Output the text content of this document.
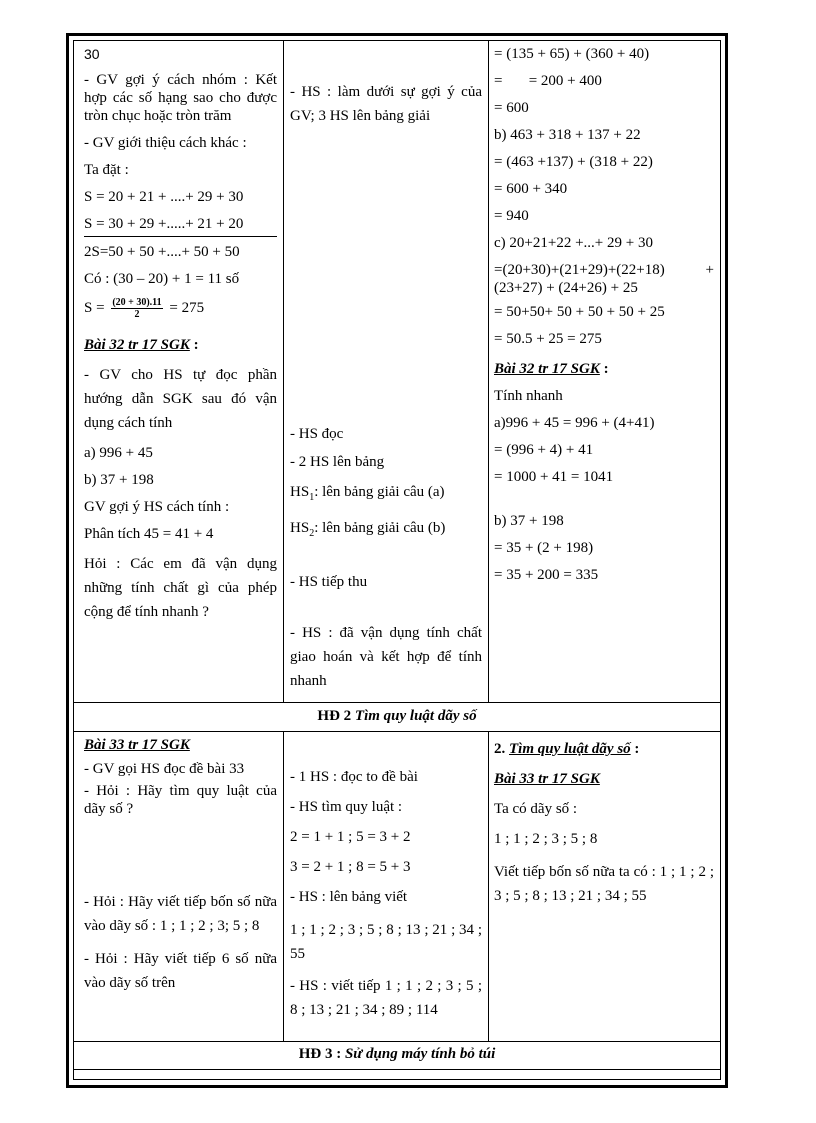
30
- GV gợi ý cách nhóm : Kết hợp các số hạng sao cho được tròn chục hoặc tròn trăm
- GV giới thiệu cách khác :
Ta đặt :
S = 20 + 21 + ....+ 29 + 30
S = 30 + 29 +.....+ 21 + 20
2S=50 + 50 +....+ 50 + 50
Có : (30 – 20) + 1 = 11 số
$S = \frac{(20 + 30).11}{2} = 275$
Bài 32 tr 17 SGK :
- GV cho HS tự đọc phần hướng dẫn SGK sau đó vận dụng cách tính
a) 996 + 45
b) 37 + 198
GV gợi ý HS cách tính :
Phân tích 45 = 41 + 4
Hỏi : Các em đã vận dụng những tính chất gì của phép cộng để tính nhanh ?
- HS : làm dưới sự gợi ý của GV; 3 HS lên bảng giải
- HS đọc
- 2 HS lên bảng
$HS_1$: lên bảng giải câu (a)
$HS_2$: lên bảng giải câu (b)
- HS tiếp thu
- HS : đã vận dụng tính chất giao hoán và kết hợp để tính nhanh
= (135 + 65) + (360 + 40)
=       = 200 + 400
= 600
b) 463 + 318 + 137 + 22
= (463 +137) + (318 + 22)
= 600 + 340
= 940
c) 20+21+22 +...+ 29 + 30
=(20+30)+(21+29)+(22+18) + (23+27) + (24+26) + 25
= 50+50+ 50 + 50 + 50 + 25
= 50.5 + 25 = 275
Bài 32 tr 17 SGK :
Tính nhanh
a)996 + 45 = 996 + (4+41)
= (996 + 4) + 41
= 1000 + 41 = 1041
b) 37 + 198
= 35 + (2 + 198)
= 35 + 200 = 335
HĐ 2 Tìm quy luật dãy số
Bài 33 tr 17 SGK
- GV gọi HS đọc đề bài 33
- Hỏi : Hãy tìm quy luật của dãy số ?
- Hỏi : Hãy viết tiếp bốn số nữa vào dãy số : 1 ; 1 ; 2 ; 3; 5 ; 8
- Hỏi : Hãy viết tiếp 6 số nữa vào dãy số trên
- 1 HS : đọc to đề bài
- HS tìm quy luật :
2 = 1 + 1 ; 5 = 3 + 2
3 = 2 + 1 ; 8 = 5 + 3
- HS : lên bảng viết
1 ; 1 ; 2 ; 3 ; 5 ; 8 ; 13 ; 21 ; 34 ; 55
- HS : viết tiếp 1 ; 1 ; 2 ; 3 ; 5 ; 8 ; 13 ; 21 ; 34 ; 89 ; 114
2. Tìm quy luật dãy số :
Bài 33 tr 17 SGK
Ta có dãy số :
1 ; 1 ; 2 ; 3 ; 5 ; 8
Viết tiếp bốn số nữa ta có : 1 ; 1 ; 2 ; 3 ; 5 ; 8 ; 13 ; 21 ; 34 ; 55
HĐ 3 : Sử dụng máy tính bỏ túi
